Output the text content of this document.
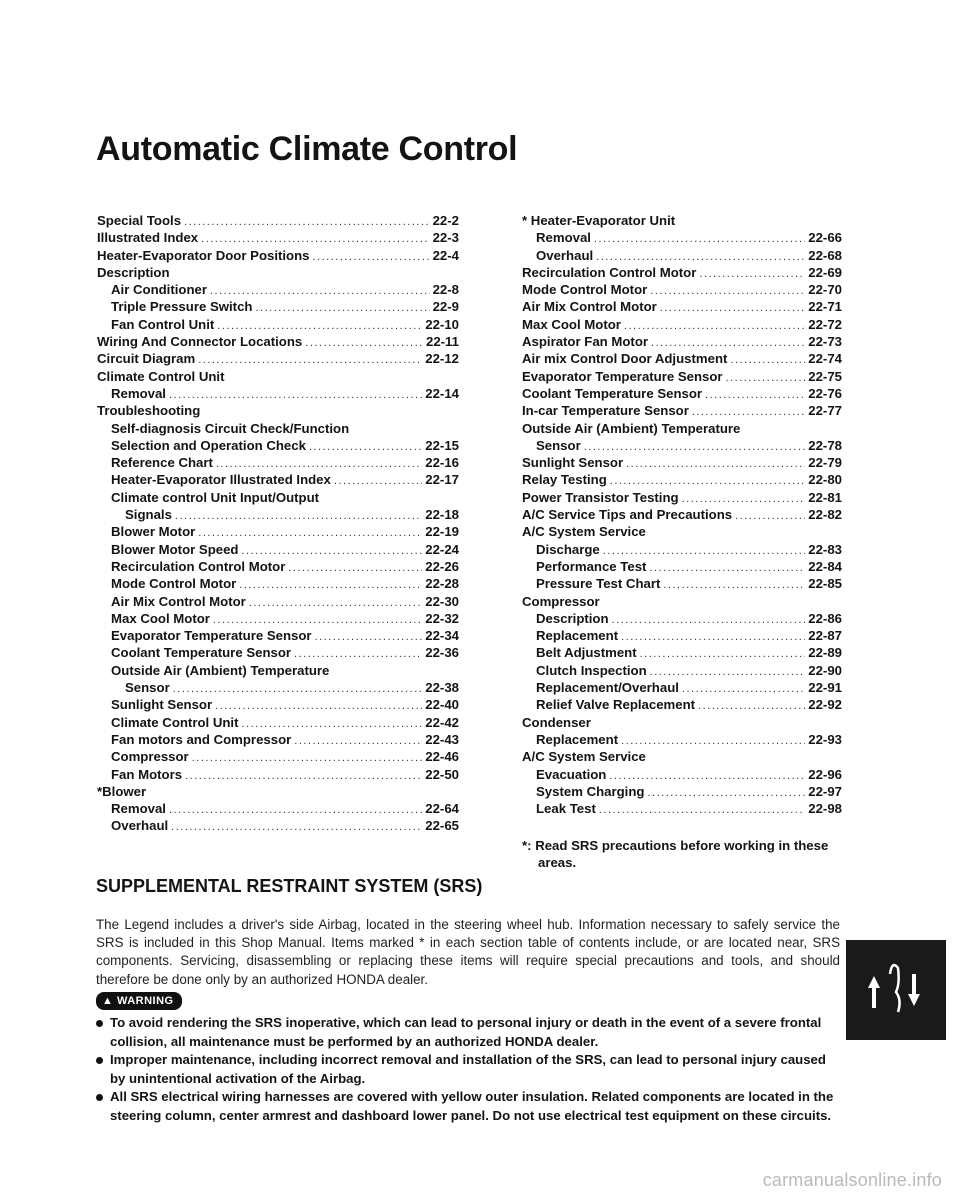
Automatic Climate Control
Special Tools .....	22-2
Illustrated Index .....	22-3
Heater-Evaporator Door Positions .....	22-4
Description
Air Conditioner .....	22-8
Triple Pressure Switch .....	22-9
Fan Control Unit .....	22-10
Wiring And Connector Locations .....	22-11
Circuit Diagram .....	22-12
Climate Control Unit
Removal .....	22-14
Troubleshooting
Self-diagnosis Circuit Check/Function
Selection and Operation Check .....	22-15
Reference Chart .....	22-16
Heater-Evaporator Illustrated Index .....	22-17
Climate control Unit Input/Output
Signals .....	22-18
Blower Motor .....	22-19
Blower Motor Speed .....	22-24
Recirculation Control Motor .....	22-26
Mode Control Motor .....	22-28
Air Mix Control Motor .....	22-30
Max Cool Motor .....	22-32
Evaporator Temperature Sensor .....	22-34
Coolant Temperature Sensor .....	22-36
Outside Air (Ambient) Temperature
Sensor .....	22-38
Sunlight Sensor .....	22-40
Climate Control Unit .....	22-42
Fan motors and Compressor .....	22-43
Compressor .....	22-46
Fan Motors .....	22-50
*Blower
Removal .....	22-64
Overhaul .....	22-65
* Heater-Evaporator Unit
Removal .....	22-66
Overhaul .....	22-68
Recirculation Control Motor .....	22-69
Mode Control Motor .....	22-70
Air Mix Control Motor .....	22-71
Max Cool Motor .....	22-72
Aspirator Fan Motor .....	22-73
Air mix Control Door Adjustment .....	22-74
Evaporator Temperature Sensor .....	22-75
Coolant Temperature Sensor .....	22-76
In-car Temperature Sensor .....	22-77
Outside Air (Ambient) Temperature
Sensor .....	22-78
Sunlight Sensor .....	22-79
Relay Testing .....	22-80
Power Transistor Testing .....	22-81
A/C Service Tips and Precautions .....	22-82
A/C System Service
Discharge .....	22-83
Performance Test .....	22-84
Pressure Test Chart .....	22-85
Compressor
Description .....	22-86
Replacement .....	22-87
Belt Adjustment .....	22-89
Clutch Inspection .....	22-90
Replacement/Overhaul .....	22-91
Relief Valve Replacement .....	22-92
Condenser
Replacement .....	22-93
A/C System Service
Evacuation .....	22-96
System Charging .....	22-97
Leak Test .....	22-98
*: Read SRS precautions before working in these areas.
SUPPLEMENTAL RESTRAINT SYSTEM (SRS)
The Legend includes a driver's side Airbag, located in the steering wheel hub. Information necessary to safely service the SRS is included in this Shop Manual. Items marked * in each section table of contents include, or are located near, SRS components. Servicing, disassembling or replacing these items will require special precautions and tools, and should therefore be done only by an authorized HONDA dealer.
▲ WARNING
To avoid rendering the SRS inoperative, which can lead to personal injury or death in the event of a severe frontal collision, all maintenance must be performed by an authorized HONDA dealer.
Improper maintenance, including incorrect removal and installation of the SRS, can lead to personal injury caused by unintentional activation of the Airbag.
All SRS electrical wiring harnesses are covered with yellow outer insulation. Related components are located in the steering column, center armrest and dashboard lower panel. Do not use electrical test equipment on these circuits.
carmanualsonline.info
